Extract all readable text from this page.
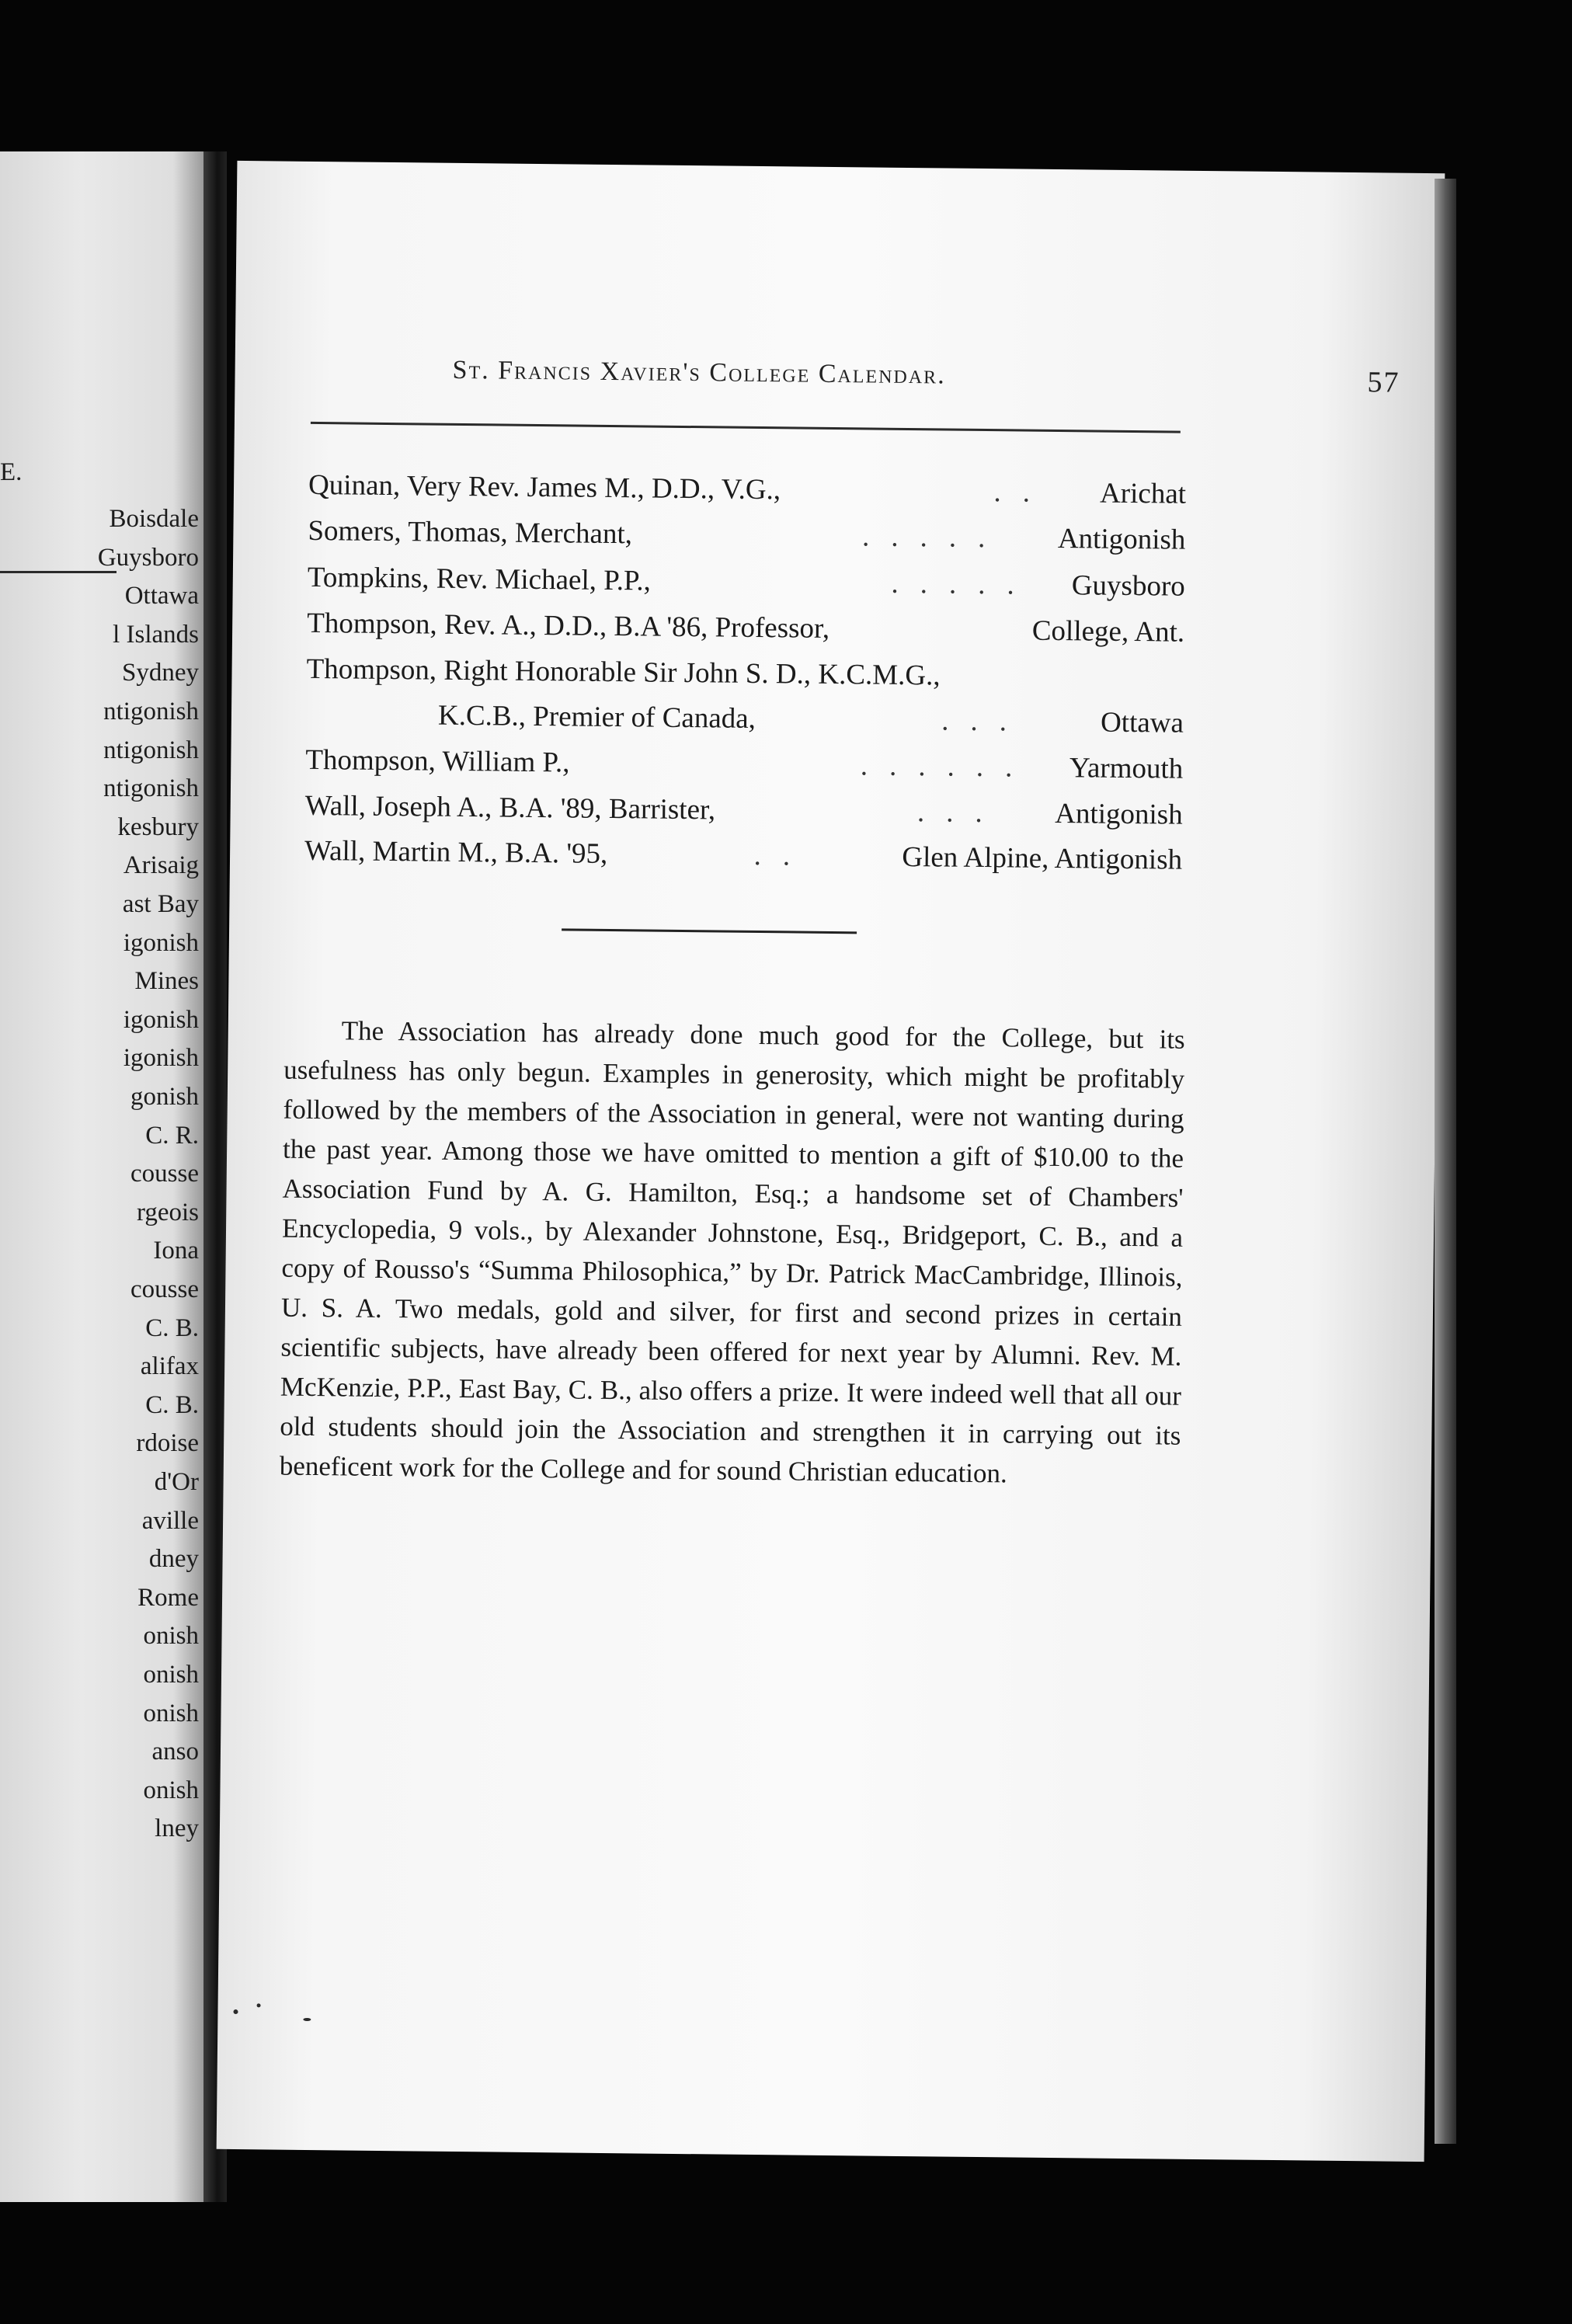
E.
Boisdale
Guysboro
Ottawa
l Islands
Sydney
ntigonish
ntigonish
ntigonish
kesbury
Arisaig
ast Bay
igonish
Mines
igonish
igonish
gonish
C. R.
cousse
rgeois
Iona
cousse
C. B.
alifax
C. B.
rdoise
d'Or
aville
dney
Rome
onish
onish
onish
anso
onish
lney
St. Francis Xavier's College Calendar.	57
Quinan, Very Rev. James M., D.D., V.G.,	.. Arichat
Somers, Thomas, Merchant,	..... Antigonish
Tompkins, Rev. Michael, P.P.,	..... Guysboro
Thompson, Rev. A., D.D., B.A '86, Professor,	College, Ant.
Thompson, Right Honorable Sir John S. D., K.C.M.G.,
K.C.B., Premier of Canada,	...	Ottawa
Thompson, William P.,	...... Yarmouth
Wall, Joseph A., B.A. '89, Barrister,	... Antigonish
Wall, Martin M., B.A. '95,	..	Glen Alpine, Antigonish

The Association has already done much good for the College, but its usefulness has only begun. Examples in generosity, which might be profitably followed by the members of the Association in general, were not wanting during the past year. Among those we have omitted to mention a gift of $10.00 to the Association Fund by A. G. Hamilton, Esq.; a handsome set of Chambers' Encyclopedia, 9 vols., by Alexander Johnstone, Esq., Bridgeport, C. B., and a copy of Rousso's “Summa Philosophica,” by Dr. Patrick MacCambridge, Illinois, U. S. A. Two medals, gold and silver, for first and second prizes in certain scientific subjects, have already been offered for next year by Alumni. Rev. M. McKenzie, P.P., East Bay, C. B., also offers a prize. It were indeed well that all our old students should join the Association and strengthen it in carrying out its beneficent work for the College and for sound Christian education.
